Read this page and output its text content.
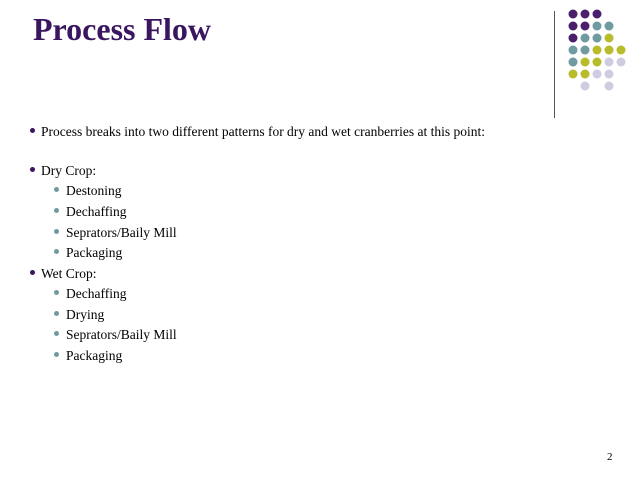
Process Flow
Process breaks into two different patterns for dry and wet cranberries at this point:
Dry Crop:
Destoning
Dechaffing
Seprators/Baily Mill
Packaging
Wet Crop:
Dechaffing
Drying
Seprators/Baily Mill
Packaging
2
